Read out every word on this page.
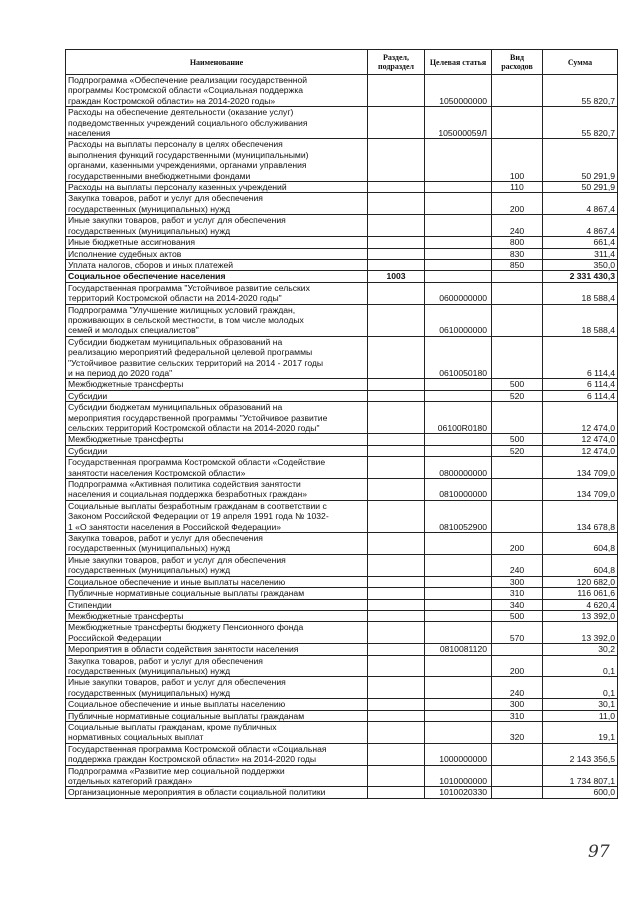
Наименование	Раздел, подраздел	Целевая статья	Вид расходов	Сумма

Подпрограмма «Обеспечение реализации государственной
программы Костромской области «Социальная поддержка
граждан Костромской области» на 2014-2020 годы»		1050000000		55 820,7

Расходы на обеспечение деятельности (оказание услуг)
подведомственных учреждений социального обслуживания
населения		105000059Л		55 820,7

Расходы на выплаты персоналу в целях обеспечения
выполнения функций государственными (муниципальными)
органами, казенными учреждениями, органами управления
государственными внебюджетными фондами			100	50 291,9

Расходы на выплаты персоналу казенных учреждений			110	50 291,9

Закупка товаров, работ и услуг для обеспечения
государственных (муниципальных) нужд			200	4 867,4

Иные закупки товаров, работ и услуг для обеспечения
государственных (муниципальных) нужд			240	4 867,4

Иные бюджетные ассигнования			800	661,4

Исполнение судебных актов			830	311,4

Уплата налогов, сборов и иных платежей			850	350,0

Социальное обеспечение населения	1003			2 331 430,3

Государственная программа "Устойчивое развитие сельских
территорий Костромской области на 2014-2020 годы"		0600000000		18 588,4

Подпрограмма "Улучшение жилищных условий граждан,
проживающих в сельской местности, в том числе молодых
семей и молодых специалистов"		0610000000		18 588,4

Субсидии бюджетам муниципальных образований на
реализацию мероприятий федеральной целевой программы
"Устойчивое развитие сельских территорий на 2014 - 2017 годы
и на период до 2020 года"		0610050180		6 114,4

Межбюджетные трансферты			500	6 114,4

Субсидии			520	6 114,4

Субсидии бюджетам муниципальных образований на
мероприятия государственной программы "Устойчивое развитие
сельских территорий Костромской области на 2014-2020 годы"		06100R0180		12 474,0

Межбюджетные трансферты			500	12 474,0

Субсидии			520	12 474,0

Государственная программа Костромской области «Содействие
занятости населения Костромской области»		0800000000		134 709,0

Подпрограмма «Активная политика содействия занятости
населения и социальная поддержка безработных граждан»		0810000000		134 709,0

Социальные выплаты безработным гражданам в соответствии с
Законом Российской Федерации от 19 апреля 1991 года № 1032-
1 «О занятости населения в Российской Федерации»		0810052900		134 678,8

Закупка товаров, работ и услуг для обеспечения
государственных (муниципальных) нужд			200	604,8

Иные закупки товаров, работ и услуг для обеспечения
государственных (муниципальных) нужд			240	604,8

Социальное обеспечение и иные выплаты населению			300	120 682,0

Публичные нормативные социальные выплаты гражданам			310	116 061,6

Стипендии			340	4 620,4

Межбюджетные трансферты			500	13 392,0

Межбюджетные трансферты бюджету Пенсионного фонда
Российской Федерации			570	13 392,0

Мероприятия в области содействия занятости населения		0810081120		30,2

Закупка товаров, работ и услуг для обеспечения
государственных (муниципальных) нужд			200	0,1

Иные закупки товаров, работ и услуг для обеспечения
государственных (муниципальных) нужд			240	0,1

Социальное обеспечение и иные выплаты населению			300	30,1

Публичные нормативные социальные выплаты гражданам			310	11,0

Социальные выплаты гражданам, кроме публичных
нормативных социальных выплат			320	19,1

Государственная программа Костромской области «Социальная
поддержка граждан Костромской области» на 2014-2020 годы		1000000000		2 143 356,5

Подпрограмма «Развитие мер социальной поддержки
отдельных категорий граждан»		1010000000		1 734 807,1

Организационные мероприятия в области социальной политики		1010020330		600,0
97
